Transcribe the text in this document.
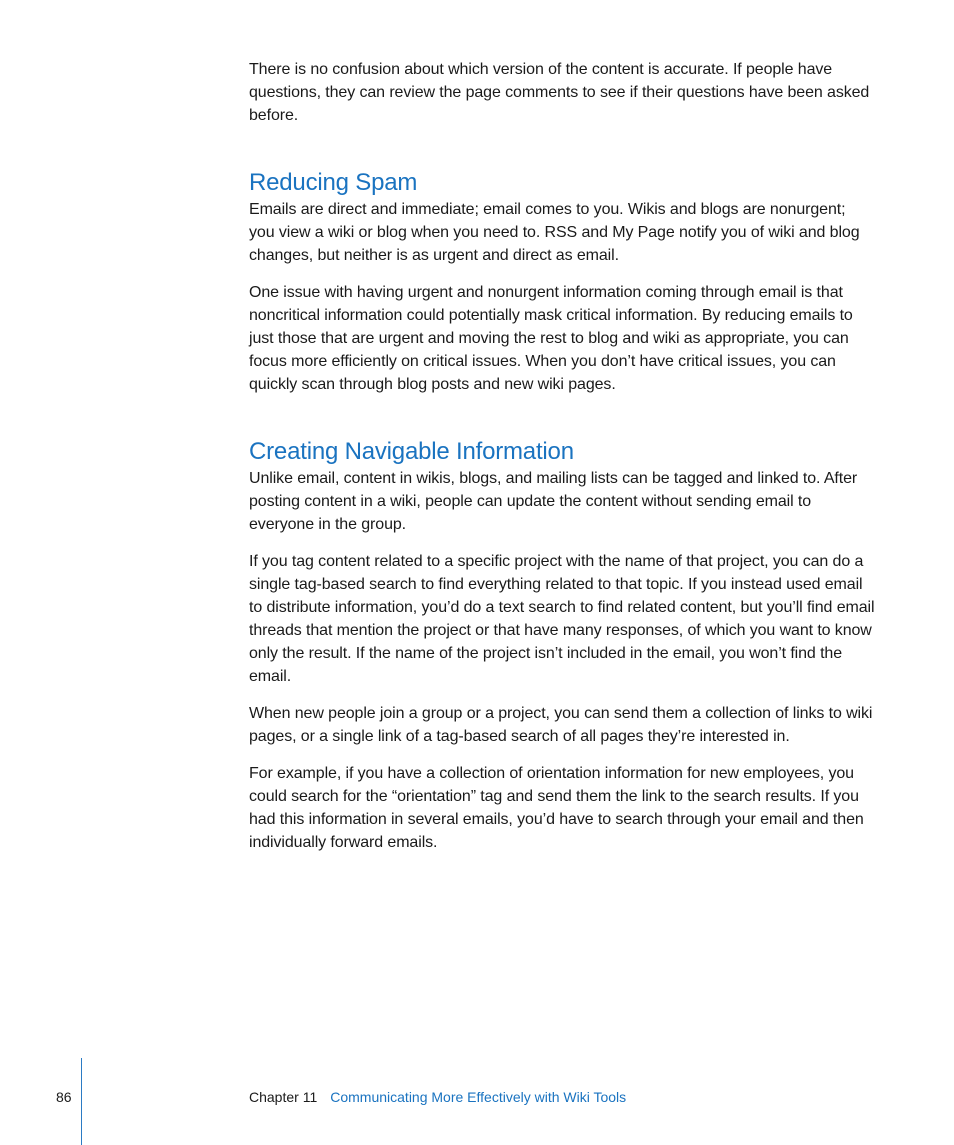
There is no confusion about which version of the content is accurate. If people have questions, they can review the page comments to see if their questions have been asked before.

Reducing Spam

Emails are direct and immediate; email comes to you. Wikis and blogs are nonurgent; you view a wiki or blog when you need to. RSS and My Page notify you of wiki and blog changes, but neither is as urgent and direct as email.

One issue with having urgent and nonurgent information coming through email is that noncritical information could potentially mask critical information. By reducing emails to just those that are urgent and moving the rest to blog and wiki as appropriate, you can focus more efficiently on critical issues. When you don’t have critical issues, you can quickly scan through blog posts and new wiki pages.

Creating Navigable Information

Unlike email, content in wikis, blogs, and mailing lists can be tagged and linked to. After posting content in a wiki, people can update the content without sending email to everyone in the group.

If you tag content related to a specific project with the name of that project, you can do a single tag-based search to find everything related to that topic. If you instead used email to distribute information, you’d do a text search to find related content, but you’ll find email threads that mention the project or that have many responses, of which you want to know only the result. If the name of the project isn’t included in the email, you won’t find the email.

When new people join a group or a project, you can send them a collection of links to wiki pages, or a single link of a tag-based search of all pages they’re interested in.

For example, if you have a collection of orientation information for new employees, you could search for the “orientation” tag and send them the link to the search results. If you had this information in several emails, you’d have to search through your email and then individually forward emails.

86	Chapter 11 Communicating More Effectively with Wiki Tools
